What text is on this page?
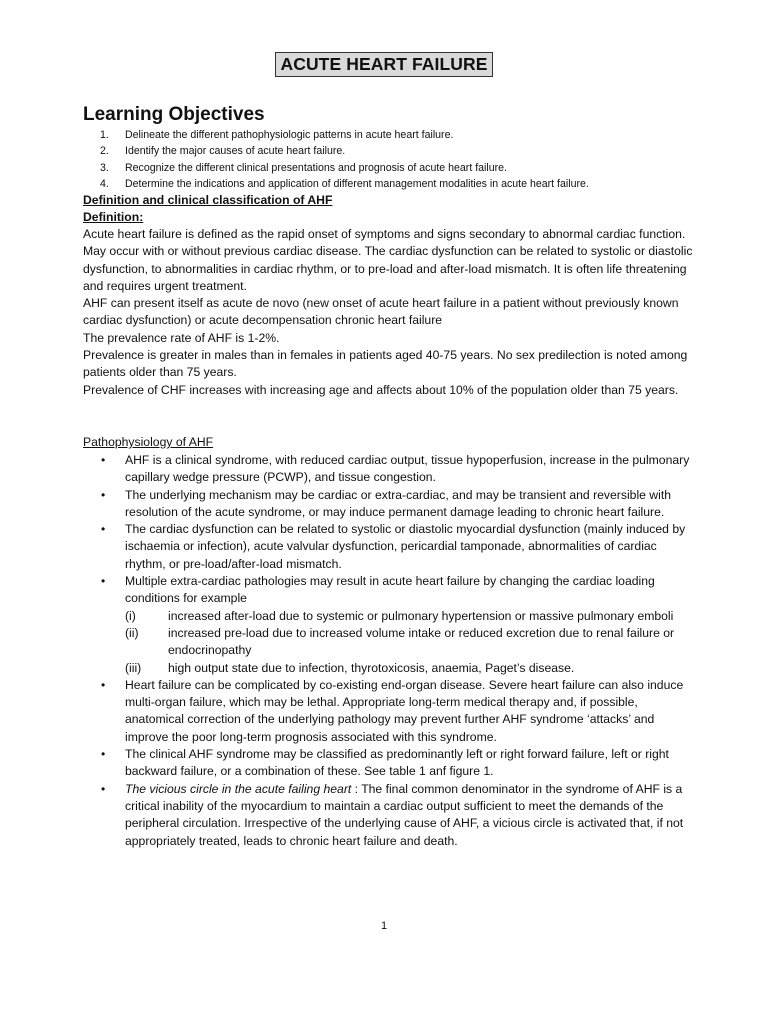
ACUTE HEART FAILURE
Learning Objectives
1. Delineate the different pathophysiologic patterns in acute heart failure.
2. Identify the major causes of acute heart failure.
3. Recognize the different clinical presentations and prognosis of acute heart failure.
4. Determine the indications and application of different management modalities in acute heart failure.
Definition and clinical classification of AHF
Definition:

Acute heart failure is defined as the rapid onset of symptoms and signs secondary to abnormal cardiac function. May occur with or without previous cardiac disease. The cardiac dysfunction can be related to systolic or diastolic dysfunction, to abnormalities in cardiac rhythm, or to pre-load and after-load mismatch. It is often life threatening and requires urgent treatment.

AHF can present itself as acute de novo (new onset of acute heart failure in a patient without previously known cardiac dysfunction) or acute decompensation chronic heart failure

The prevalence rate of AHF is 1-2%.

Prevalence is greater in males than in females in patients aged 40-75 years. No sex predilection is noted among patients older than 75 years.

Prevalence of CHF increases with increasing age and affects about 10% of the population older than 75 years.

Pathophysiology of AHF
• AHF is a clinical syndrome, with reduced cardiac output, tissue hypoperfusion, increase in the pulmonary capillary wedge pressure (PCWP), and tissue congestion.
• The underlying mechanism may be cardiac or extra-cardiac, and may be transient and reversible with resolution of the acute syndrome, or may induce permanent damage leading to chronic heart failure.
• The cardiac dysfunction can be related to systolic or diastolic myocardial dysfunction (mainly induced by ischaemia or infection), acute valvular dysfunction, pericardial tamponade, abnormalities of cardiac rhythm, or pre-load/after-load mismatch.
• Multiple extra-cardiac pathologies may result in acute heart failure by changing the cardiac loading conditions for example
(i)	increased after-load due to systemic or pulmonary hypertension or massive pulmonary emboli
(ii) increased pre-load due to increased volume intake or reduced excretion due to renal failure or endocrinopathy
(iii) high output state due to infection, thyrotoxicosis, anaemia, Paget’s disease.
• Heart failure can be complicated by co-existing end-organ disease. Severe heart failure can also induce multi-organ failure, which may be lethal. Appropriate long-term medical therapy and, if possible, anatomical correction of the underlying pathology may prevent further AHF syndrome ‘attacks’ and improve the poor long-term prognosis associated with this syndrome.
• The clinical AHF syndrome may be classified as predominantly left or right forward failure, left or right backward failure, or a combination of these. See table 1 anf figure 1.
• The vicious circle in the acute failing heart : The final common denominator in the syndrome of AHF is a critical inability of the myocardium to maintain a cardiac output sufficient to meet the demands of the peripheral circulation. Irrespective of the underlying cause of AHF, a vicious circle is activated that, if not appropriately treated, leads to chronic heart failure and death.
1
